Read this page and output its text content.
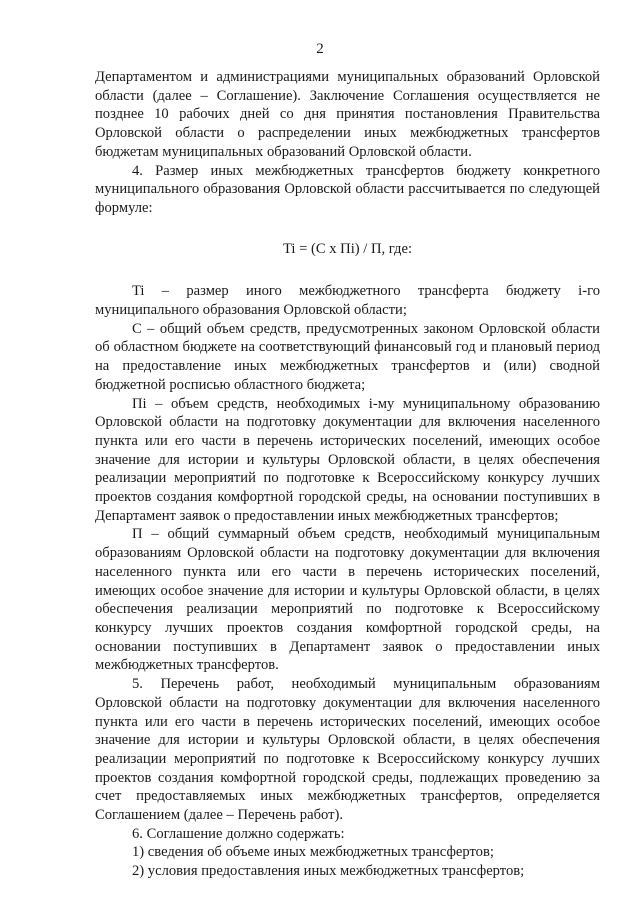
2

Департаментом и администрациями муниципальных образований Орловской области (далее – Соглашение). Заключение Соглашения осуществляется не позднее 10 рабочих дней со дня принятия постановления Правительства Орловской области о распределении иных межбюджетных трансфертов бюджетам муниципальных образований Орловской области.

4. Размер иных межбюджетных трансфертов бюджету конкретного муниципального образования Орловской области рассчитывается по следующей формуле:

Ti = (C x Пi) / П, где:

Ti – размер иного межбюджетного трансферта бюджету i-го муниципального образования Орловской области;

С – общий объем средств, предусмотренных законом Орловской области об областном бюджете на соответствующий финансовый год и плановый период на предоставление иных межбюджетных трансфертов и (или) сводной бюджетной росписью областного бюджета;

Пi – объем средств, необходимых i-му муниципальному образованию Орловской области на подготовку документации для включения населенного пункта или его части в перечень исторических поселений, имеющих особое значение для истории и культуры Орловской области, в целях обеспечения реализации мероприятий по подготовке к Всероссийскому конкурсу лучших проектов создания комфортной городской среды, на основании поступивших в Департамент заявок о предоставлении иных межбюджетных трансфертов;

П – общий суммарный объем средств, необходимый муниципальным образованиям Орловской области на подготовку документации для включения населенного пункта или его части в перечень исторических поселений, имеющих особое значение для истории и культуры Орловской области, в целях обеспечения реализации мероприятий по подготовке к Всероссийскому конкурсу лучших проектов создания комфортной городской среды, на основании поступивших в Департамент заявок о предоставлении иных межбюджетных трансфертов.

5. Перечень работ, необходимый муниципальным образованиям Орловской области на подготовку документации для включения населенного пункта или его части в перечень исторических поселений, имеющих особое значение для истории и культуры Орловской области, в целях обеспечения реализации мероприятий по подготовке к Всероссийскому конкурсу лучших проектов создания комфортной городской среды, подлежащих проведению за счет предоставляемых иных межбюджетных трансфертов, определяется Соглашением (далее – Перечень работ).

6. Соглашение должно содержать:

1) сведения об объеме иных межбюджетных трансфертов;

2) условия предоставления иных межбюджетных трансфертов;
